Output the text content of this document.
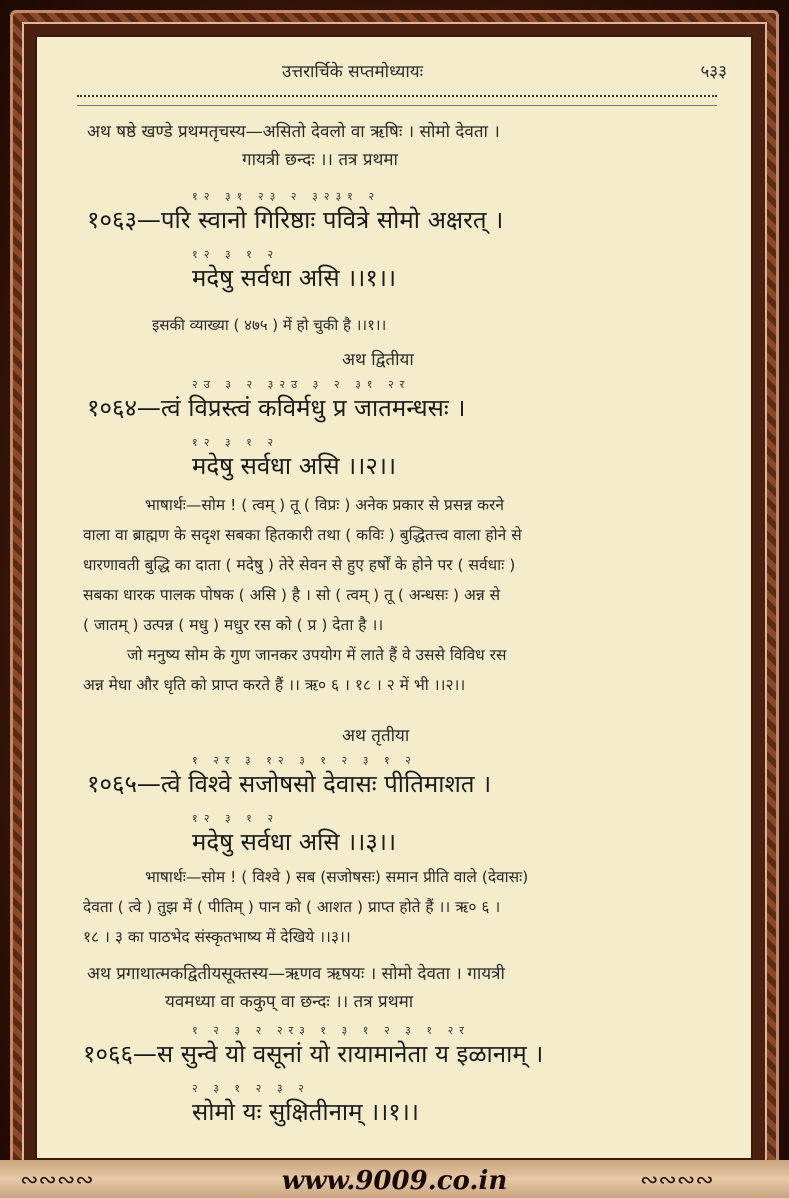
उत्तरार्चिके सप्तमोध्यायः	५३३
अथ षष्ठे खण्डे प्रथमतृचस्य—असितो देवलो वा ऋषिः । सोमो देवता ।
गायत्री छन्दः ।। तत्र प्रथमा
१२ ३१ २३ २ ३२३१ २
१०६३—परि स्वानो गिरिष्ठाः पवित्रे सोमो अक्षरत् ।
१२ ३ १ २
मदेषु सर्वधा असि ।।१।।
इसकी व्याख्या ( ४७५ ) में हो चुकी है ।।१।।
अथ द्वितीया
२उ ३ २ ३२उ ३ २ ३१ २र
१०६४—त्वं विप्रस्त्वं कविर्मधु प्र जातमन्धसः ।
१२ ३ १ २
मदेषु सर्वधा असि ।।२।।
भाषार्थः—सोम ! ( त्वम् ) तू ( विप्रः ) अनेक प्रकार से प्रसन्न करने
वाला वा ब्राह्मण के सदृश सबका हितकारी तथा ( कविः ) बुद्धितत्त्व वाला होने से
धारणावती बुद्धि का दाता ( मदेषु ) तेरे सेवन से हुए हर्षों के होने पर ( सर्वधाः )
सबका धारक पालक पोषक ( असि ) है । सो ( त्वम् ) तू ( अन्धसः ) अन्न से
( जातम् ) उत्पन्न ( मधु ) मधुर रस को ( प्र ) देता है ।।
जो मनुष्य सोम के गुण जानकर उपयोग में लाते हैं वे उससे विविध रस
अन्न मेधा और धृति को प्राप्त करते हैं ।। ऋ० ६ । १८ । २ में भी ।।२।।
अथ तृतीया
१ २र ३ १२ ३ १ २ ३ १ २
१०६५—त्वे विश्वे सजोषसो देवासः पीतिमाशत ।
१२ ३ १ २
मदेषु सर्वधा असि ।।३।।
भाषार्थः—सोम ! ( विश्वे ) सब (सजोषसः) समान प्रीति वाले (देवासः)
देवता ( त्वे ) तुझ में ( पीतिम् ) पान को ( आशत ) प्राप्त होते हैं ।। ऋ० ६ ।
१८ । ३ का पाठभेद संस्कृतभाष्य में देखिये ।।३।।
अथ प्रगाथात्मकद्वितीयसूक्तस्य—ऋणव ऋषयः । सोमो देवता । गायत्री
यवमध्या वा ककुप् वा छन्दः ।। तत्र प्रथमा
१ २ ३ २ २र३ १ ३ १ २ ३ १ २र
१०६६—स सुन्वे यो वसूनां यो रायामानेता य इळानाम् ।
२ ३ १ २ ३ २
सोमो यः सुक्षितीनाम् ।।१।।
∾∾∾∾	∾∾∾∾
www.9009.co.in
